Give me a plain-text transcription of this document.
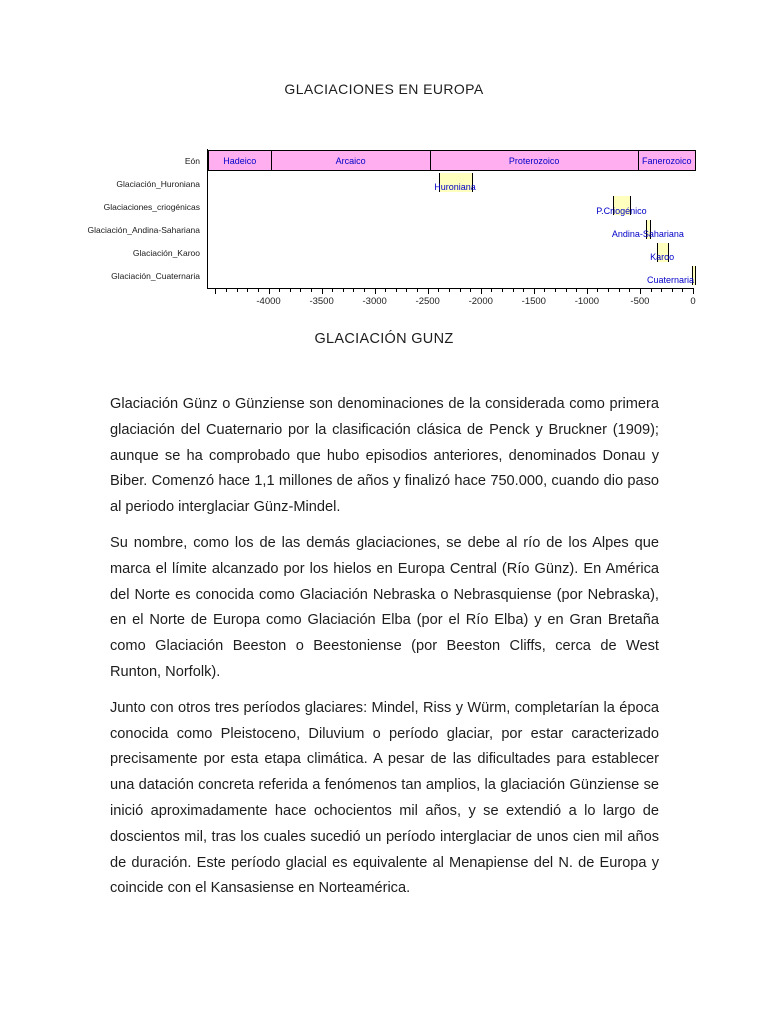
GLACIACIONES EN EUROPA
Eón
Glaciación_Huroniana
Glaciaciones_criogénicas
Glaciación_Andina-Sahariana
Glaciación_Karoo
Glaciación_Cuaternaria
Hadeico	Arcaico	Proterozoico	Fanerozoico
Huroniana
P.Criogénico
Andina-Sahariana
Karoo
Cuaternaria
-4000	-3500	-3000	-2500	-2000	-1500	-1000	-500	0
GLACIACIÓN GUNZ

Glaciación Günz o Günziense son denominaciones de la considerada como primera glaciación del Cuaternario por la clasificación clásica de Penck y Bruckner (1909); aunque se ha comprobado que hubo episodios anteriores, denominados Donau y Biber. Comenzó hace 1,1 millones de años y finalizó hace 750.000, cuando dio paso al periodo interglaciar Günz-Mindel.

Su nombre, como los de las demás glaciaciones, se debe al río de los Alpes que marca el límite alcanzado por los hielos en Europa Central (Río Günz). En América del Norte es conocida como Glaciación Nebraska o Nebrasquiense (por Nebraska), en el Norte de Europa como Glaciación Elba (por el Río Elba) y en Gran Bretaña como Glaciación Beeston o Beestoniense (por Beeston Cliffs, cerca de West Runton, Norfolk).

Junto con otros tres períodos glaciares: Mindel, Riss y Würm, completarían la época conocida como Pleistoceno, Diluvium o período glaciar, por estar caracterizado precisamente por esta etapa climática. A pesar de las dificultades para establecer una datación concreta referida a fenómenos tan amplios, la glaciación Günziense se inició aproximadamente hace ochocientos mil años, y se extendió a lo largo de doscientos mil, tras los cuales sucedió un período interglaciar de unos cien mil años de duración. Este período glacial es equivalente al Menapiense del N. de Europa y coincide con el Kansasiense en Norteamérica.
